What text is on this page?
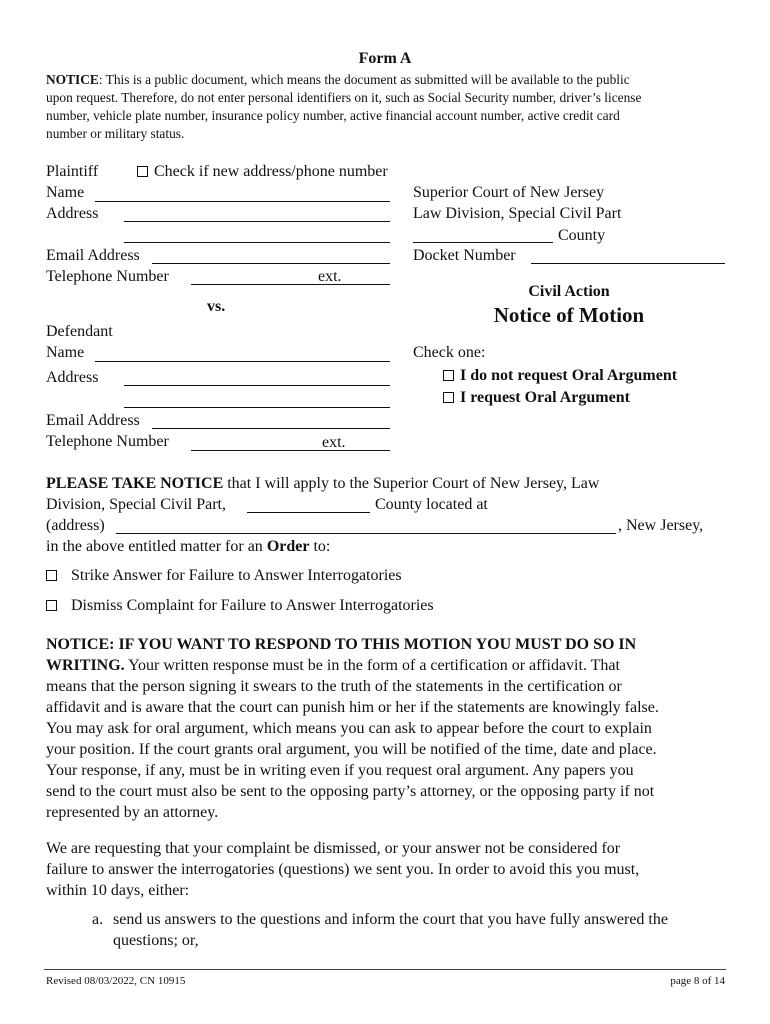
Form A
NOTICE: This is a public document, which means the document as submitted will be available to the public
upon request. Therefore, do not enter personal identifiers on it, such as Social Security number, driver’s license
number, vehicle plate number, insurance policy number, active financial account number, active credit card
number or military status.
Plaintiff	Check if new address/phone number
Name
Address
Email Address
Telephone Number	ext.
Superior Court of New Jersey
Law Division, Special Civil Part
County
Docket Number
vs.
Civil Action
Notice of Motion
Defendant
Name
Address
Email Address
Telephone Number	ext.
Check one:
I do not request Oral Argument
I request Oral Argument
PLEASE TAKE NOTICE that I will apply to the Superior Court of New Jersey, Law
Division, Special Civil Part,	County located at
(address)	, New Jersey,
in the above entitled matter for an Order to:
Strike Answer for Failure to Answer Interrogatories
Dismiss Complaint for Failure to Answer Interrogatories
NOTICE: IF YOU WANT TO RESPOND TO THIS MOTION YOU MUST DO SO IN
WRITING. Your written response must be in the form of a certification or affidavit. That
means that the person signing it swears to the truth of the statements in the certification or
affidavit and is aware that the court can punish him or her if the statements are knowingly false.
You may ask for oral argument, which means you can ask to appear before the court to explain
your position. If the court grants oral argument, you will be notified of the time, date and place.
Your response, if any, must be in writing even if you request oral argument. Any papers you
send to the court must also be sent to the opposing party’s attorney, or the opposing party if not
represented by an attorney.
We are requesting that your complaint be dismissed, or your answer not be considered for
failure to answer the interrogatories (questions) we sent you. In order to avoid this you must,
within 10 days, either:
a. send us answers to the questions and inform the court that you have fully answered the
questions; or,
Revised 08/03/2022, CN 10915	page 8 of 14
